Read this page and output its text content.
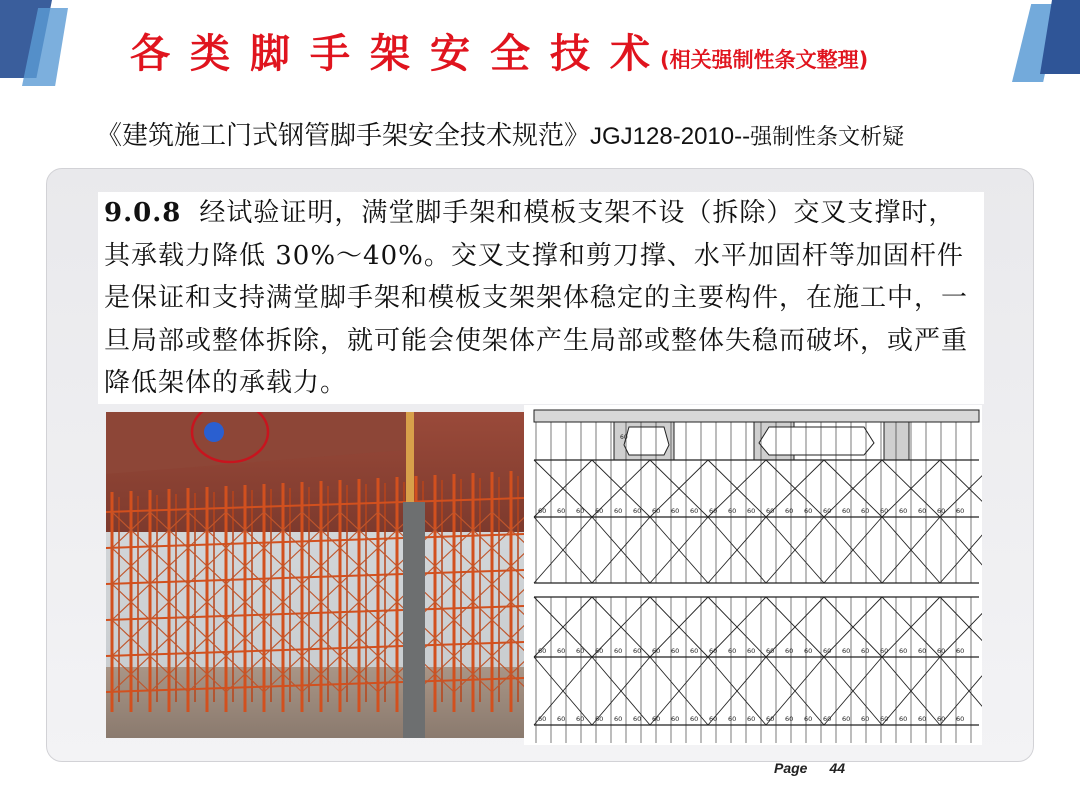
各类脚手架安全技术
(相关强制性条文整理)
《建筑施工门式钢管脚手架安全技术规范》JGJ128-2010--强制性条文析疑
9.0.8 经试验证明，满堂脚手架和模板支架不设（拆除）交叉支撑时，其承载力降低 30%～40%。交叉支撑和剪刀撑、水平加固杆等加固杆件是保证和支持满堂脚手架和模板支架架体稳定的主要构件，在施工中，一旦局部或整体拆除，就可能会使架体产生局部或整体失稳而破坏，或严重降低架体的承载力。
60
60 60 60 60 60 60 60 60 60 60 60 60 60 60 60 60 60 60 60 60 60 60 60
60 60 60 60 60 60 60 60 60 60 60 60 60 60 60 60 60 60 60 60 60 60 60
60 60 60 60 60 60 60 60 60 60 60 60 60 60 60 60 60 60 60 60 60 60 60
Page 44
